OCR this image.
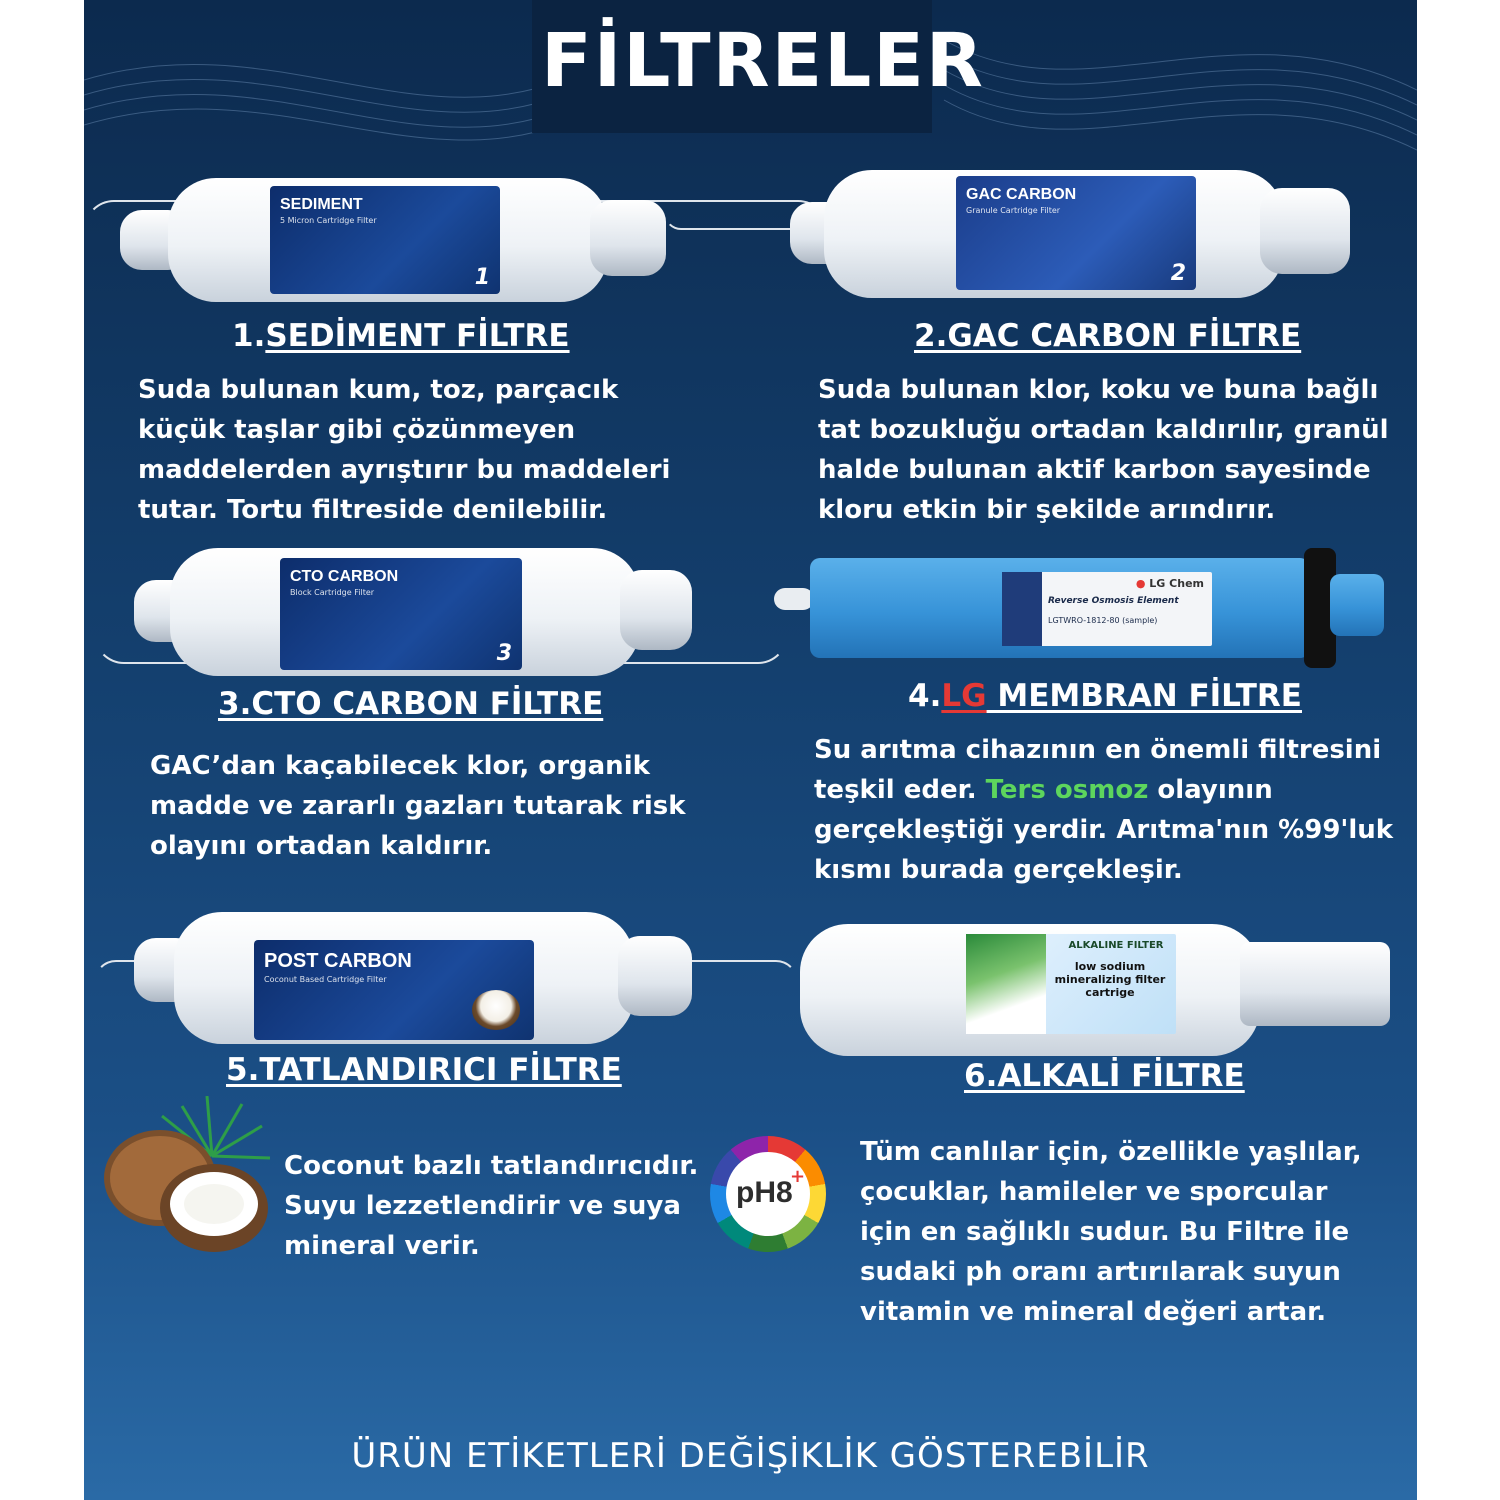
FİLTRELER
SEDIMENT
5 Micron Cartridge Filter
1
GAC CARBON
Granule Cartridge Filter
2
CTO CARBON
Block Cartridge Filter
3
● LG Chem
Reverse Osmosis Element
LGTWRO-1812-80 (sample)
POST CARBON
Coconut Based Cartridge Filter
ALKALINE FILTER
low sodium mineralizing filter cartrige
1.SEDİMENT FİLTRE	2.GAC CARBON FİLTRE
3.CTO CARBON FİLTRE	4.LG MEMBRAN FİLTRE
5.TATLANDIRICI FİLTRE	6.ALKALİ FİLTRE
Suda bulunan kum, toz, parçacık küçük taşlar gibi çözünmeyen maddelerden ayrıştırır bu maddeleri tutar. Tortu filtreside denilebilir.
Suda bulunan klor, koku ve buna bağlı tat bozukluğu ortadan kaldırılır, granül halde bulunan aktif karbon sayesinde kloru etkin bir şekilde arındırır.
GAC’dan kaçabilecek klor, organik madde ve zararlı gazları tutarak risk olayını ortadan kaldırır.
Su arıtma cihazının en önemli filtresini teşkil eder. Ters osmoz olayının gerçekleştiği yerdir. Arıtma'nın %99'luk kısmı burada gerçekleşir.
Coconut bazlı tatlandırıcıdır. Suyu lezzetlendirir ve suya mineral verir.
Tüm canlılar için, özellikle yaşlılar, çocuklar, hamileler ve sporcular için en sağlıklı sudur. Bu Filtre ile sudaki ph oranı artırılarak suyun vitamin ve mineral değeri artar.
pH8
+
ÜRÜN ETİKETLERİ DEĞİŞİKLİK GÖSTEREBİLİR
